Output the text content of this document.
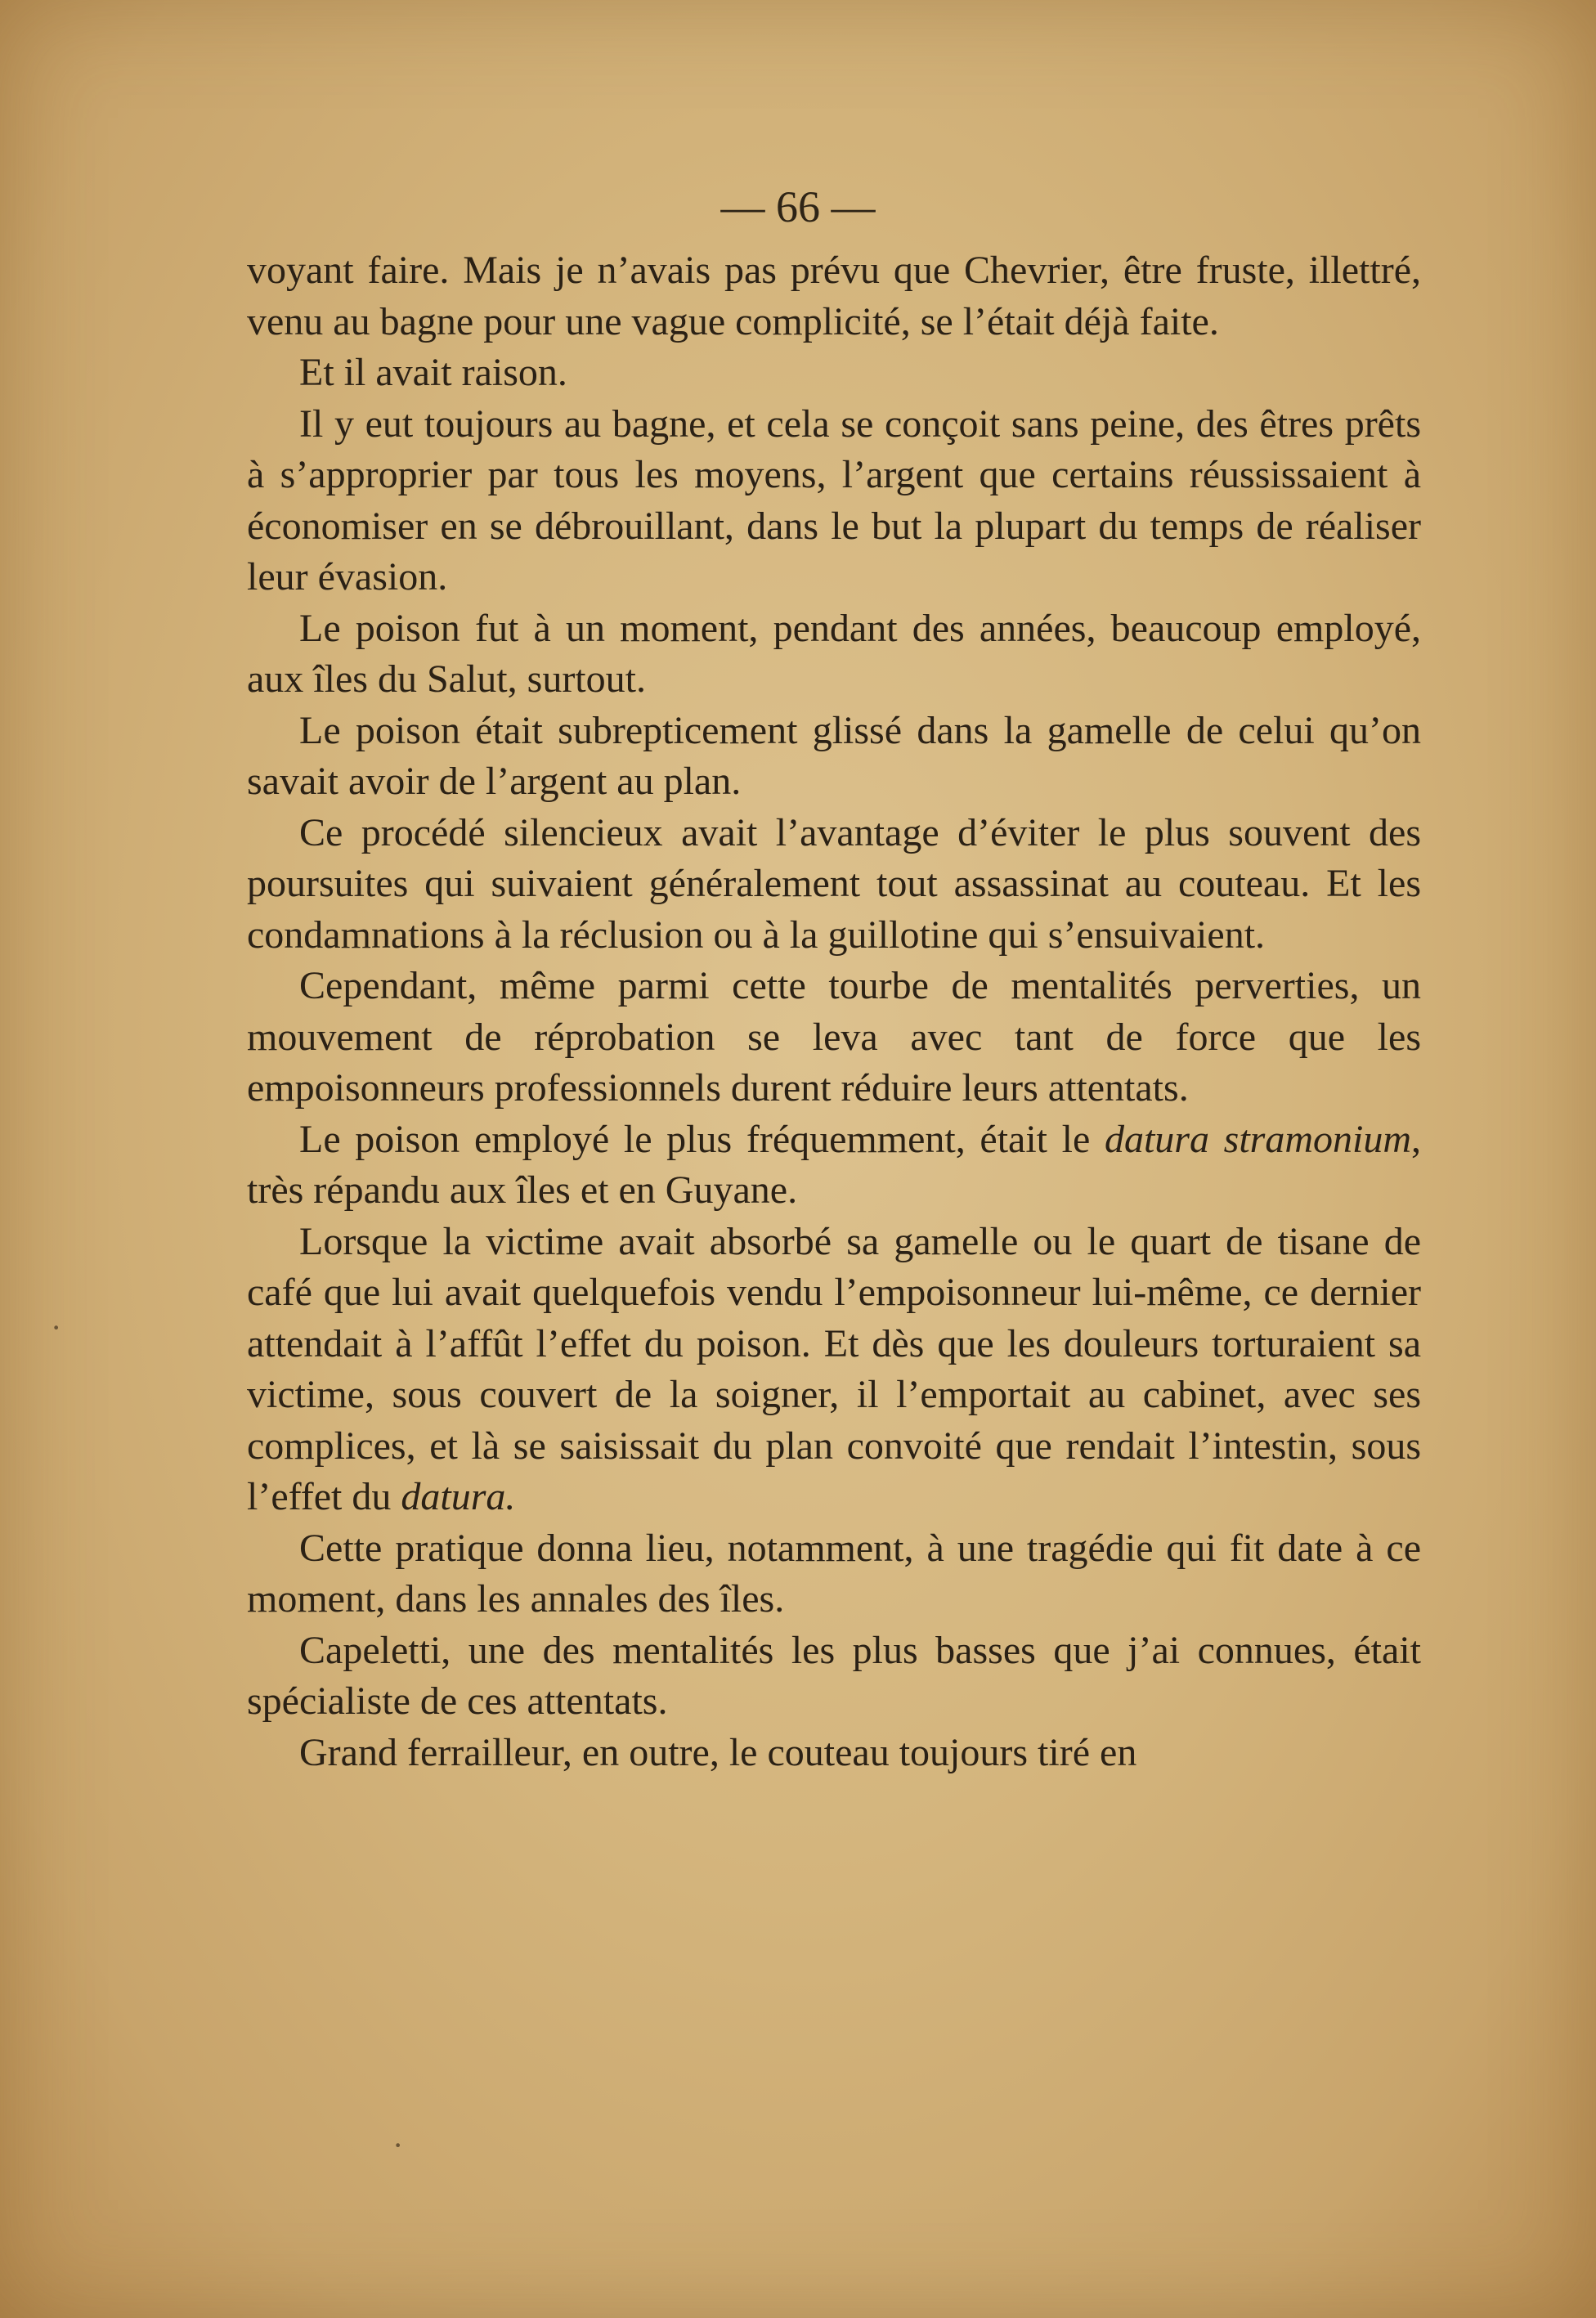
— 66 —

voyant faire. Mais je n’avais pas prévu que Chevrier, être fruste, illettré, venu au bagne pour une vague complicité, se l’était déjà faite.

Et il avait raison.

Il y eut toujours au bagne, et cela se conçoit sans peine, des êtres prêts à s’approprier par tous les moyens, l’argent que certains réussissaient à économiser en se débrouillant, dans le but la plupart du temps de réaliser leur évasion.

Le poison fut à un moment, pendant des années, beaucoup employé, aux îles du Salut, surtout.

Le poison était subrepticement glissé dans la gamelle de celui qu’on savait avoir de l’argent au plan.

Ce procédé silencieux avait l’avantage d’éviter le plus souvent des poursuites qui suivaient généralement tout assassinat au couteau. Et les condamnations à la réclusion ou à la guillotine qui s’ensuivaient.

Cependant, même parmi cette tourbe de mentalités perverties, un mouvement de réprobation se leva avec tant de force que les empoisonneurs professionnels durent réduire leurs attentats.

Le poison employé le plus fréquemment, était le datura stramonium, très répandu aux îles et en Guyane.

Lorsque la victime avait absorbé sa gamelle ou le quart de tisane de café que lui avait quelquefois vendu l’empoisonneur lui-même, ce dernier attendait à l’affût l’effet du poison. Et dès que les douleurs torturaient sa victime, sous couvert de la soigner, il l’emportait au cabinet, avec ses complices, et là se saisissait du plan convoité que rendait l’intestin, sous l’effet du datura.

Cette pratique donna lieu, notamment, à une tragédie qui fit date à ce moment, dans les annales des îles.

Capeletti, une des mentalités les plus basses que j’ai connues, était spécialiste de ces attentats.

Grand ferrailleur, en outre, le couteau toujours tiré en

·
·
